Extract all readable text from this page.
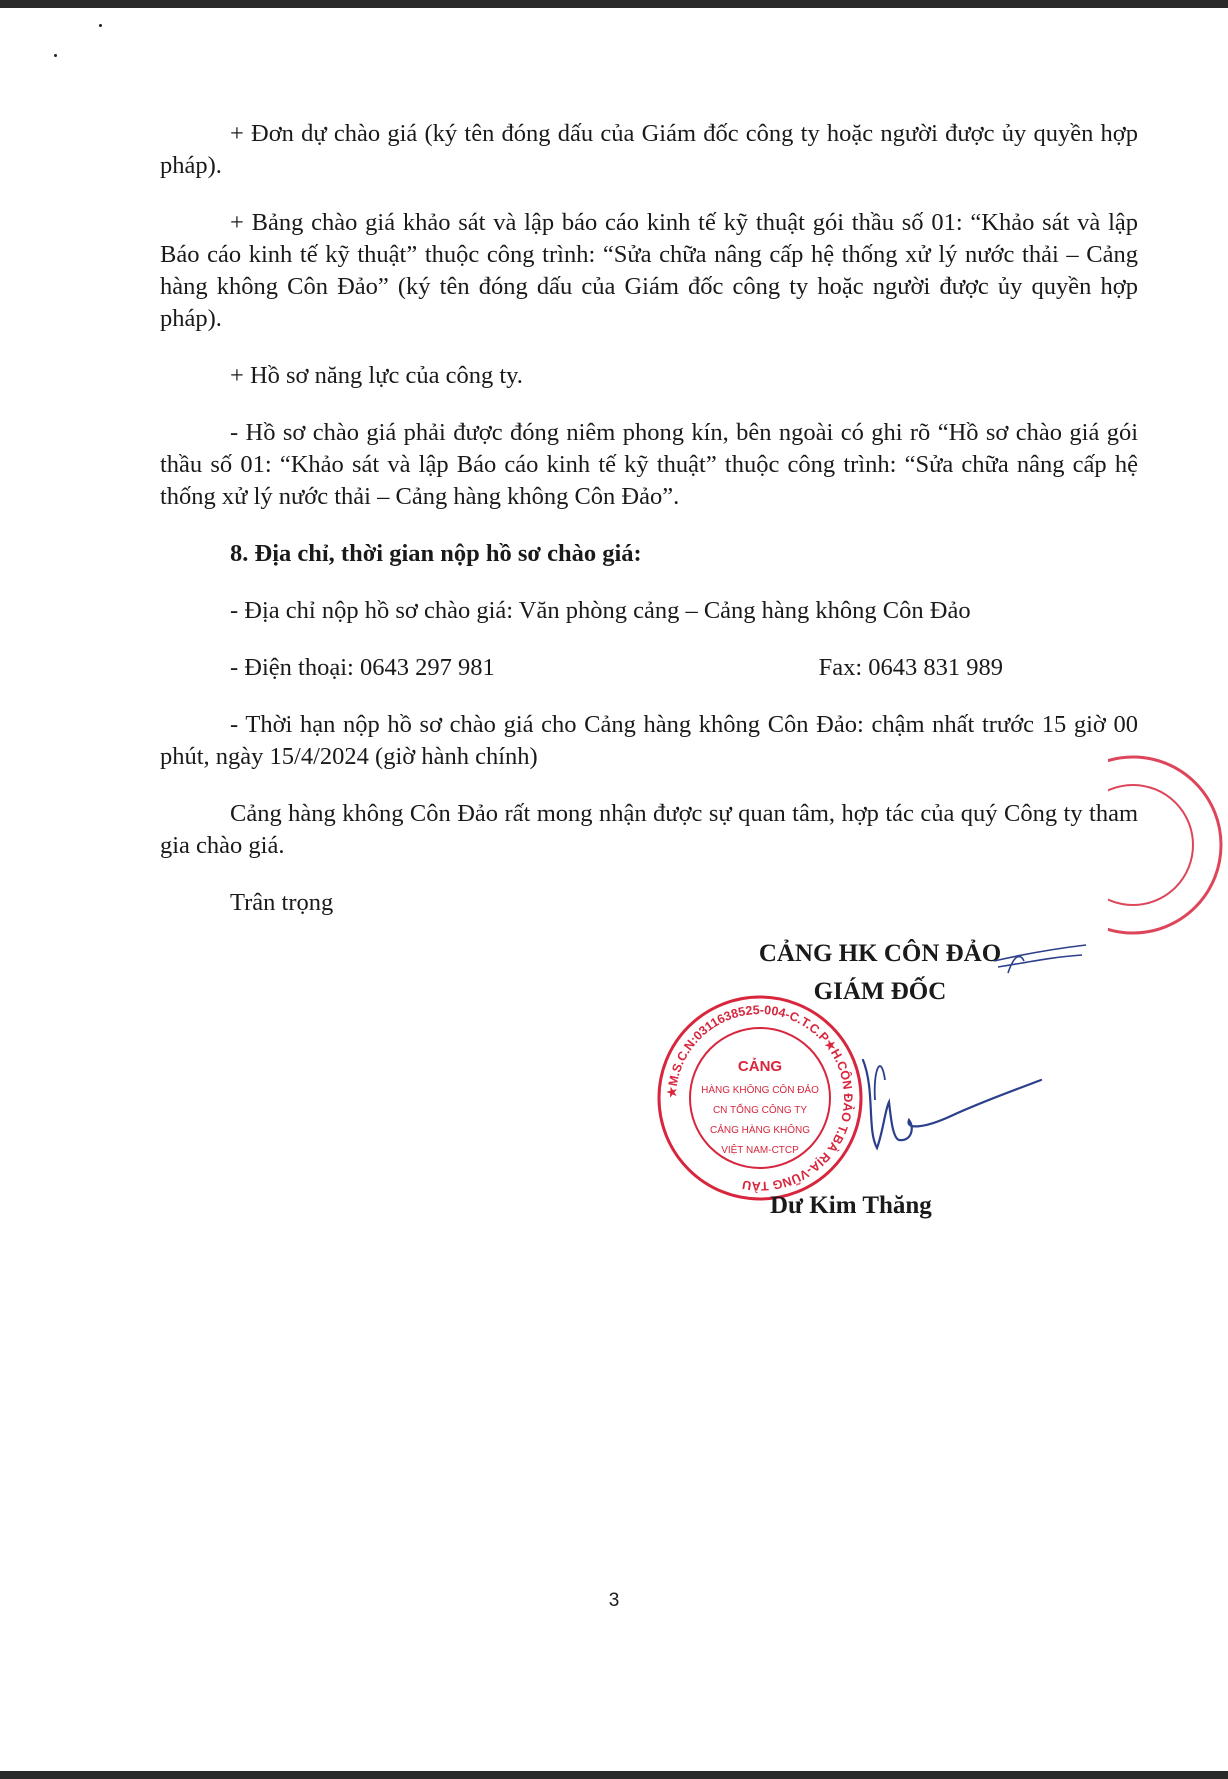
+ Đơn dự chào giá (ký tên đóng dấu của Giám đốc công ty hoặc người được ủy quyền hợp pháp).

+ Bảng chào giá khảo sát và lập báo cáo kinh tế kỹ thuật gói thầu số 01: “Khảo sát và lập Báo cáo kinh tế kỹ thuật” thuộc công trình: “Sửa chữa nâng cấp hệ thống xử lý nước thải – Cảng hàng không Côn Đảo” (ký tên đóng dấu của Giám đốc công ty hoặc người được ủy quyền hợp pháp).

+ Hồ sơ năng lực của công ty.

- Hồ sơ chào giá phải được đóng niêm phong kín, bên ngoài có ghi rõ “Hồ sơ chào giá gói thầu số 01: “Khảo sát và lập Báo cáo kinh tế kỹ thuật” thuộc công trình: “Sửa chữa nâng cấp hệ thống xử lý nước thải – Cảng hàng không Côn Đảo”.

8. Địa chỉ, thời gian nộp hồ sơ chào giá:

- Địa chỉ nộp hồ sơ chào giá: Văn phòng cảng – Cảng hàng không Côn Đảo

- Điện thoại: 0643 297 981	Fax: 0643 831 989

- Thời hạn nộp hồ sơ chào giá cho Cảng hàng không Côn Đảo: chậm nhất trước 15 giờ 00 phút, ngày 15/4/2024 (giờ hành chính)

Cảng hàng không Côn Đảo rất mong nhận được sự quan tâm, hợp tác của quý Công ty tham gia chào giá.

Trân trọng

CẢNG HK CÔN ĐẢO
GIÁM ĐỐC
★M.S.C.N:0311638525-004-C.T.C.P★H.CÔN ĐẢO T.BÀ RỊA-VŨNG TÀU
CẢNG
HÀNG KHÔNG CÔN ĐẢO
CN TỔNG CÔNG TY
CẢNG HÀNG KHÔNG
VIỆT NAM-CTCP
Dư Kim Thăng
3
